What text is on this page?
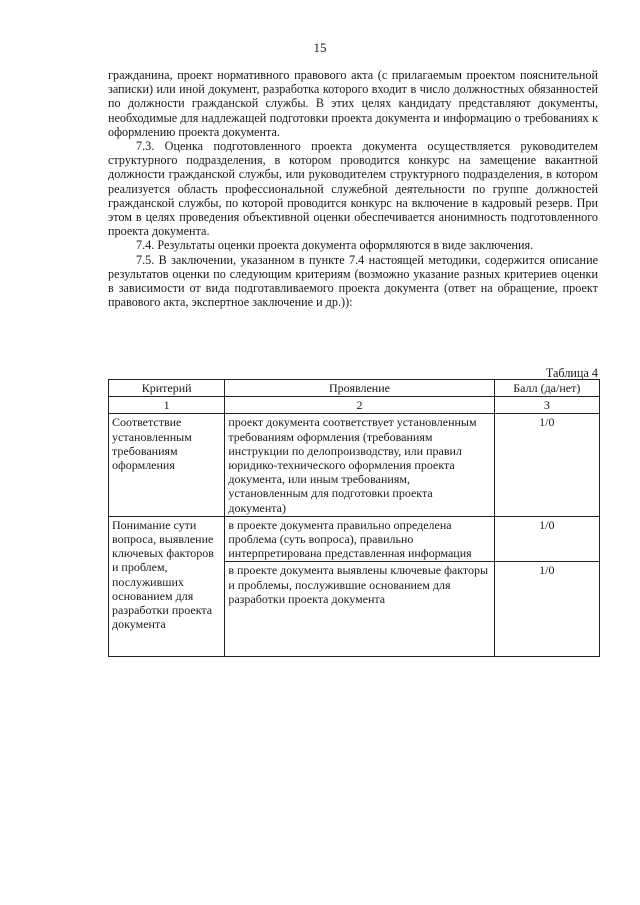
15

гражданина, проект нормативного правового акта (с прилагаемым проектом пояснительной записки) или иной документ, разработка которого входит в число должностных обязанностей по должности гражданской службы. В этих целях кандидату представляют документы, необходимые для надлежащей подготовки проекта документа и информацию о требованиях к оформлению проекта документа.

7.3. Оценка подготовленного проекта документа осуществляется руководителем структурного подразделения, в котором проводится конкурс на замещение вакантной должности гражданской службы, или руководителем структурного подразделения, в котором реализуется область профессиональной служебной деятельности по группе должностей гражданской службы, по которой проводится конкурс на включение в кадровый резерв. При этом в целях проведения объективной оценки обеспечивается анонимность подготовленного проекта документа.

7.4. Результаты оценки проекта документа оформляются в виде заключения.

7.5. В заключении, указанном в пункте 7.4 настоящей методики, содержится описание результатов оценки по следующим критериям (возможно указание разных критериев оценки в зависимости от вида подготавливаемого проекта документа (ответ на обращение, проект правового акта, экспертное заключение и др.)):

Таблица 4
Критерий	Проявление	Балл (да/нет)
1	2	3
Соответствие установленным требованиям оформления	проект документа соответствует установленным требованиям оформления (требованиям инструкции по делопроизводству, или правил юридико-технического оформления проекта документа, или иным требованиям, установленным для подготовки проекта документа)	1/0
Понимание сути вопроса, выявление ключевых факторов и проблем, послуживших основанием для разработки проекта документа	в проекте документа правильно определена проблема (суть вопроса), правильно интерпретирована представленная информация	1/0
	в проекте документа выявлены ключевые факторы и проблемы, послужившие основанием для разработки проекта документа	1/0
